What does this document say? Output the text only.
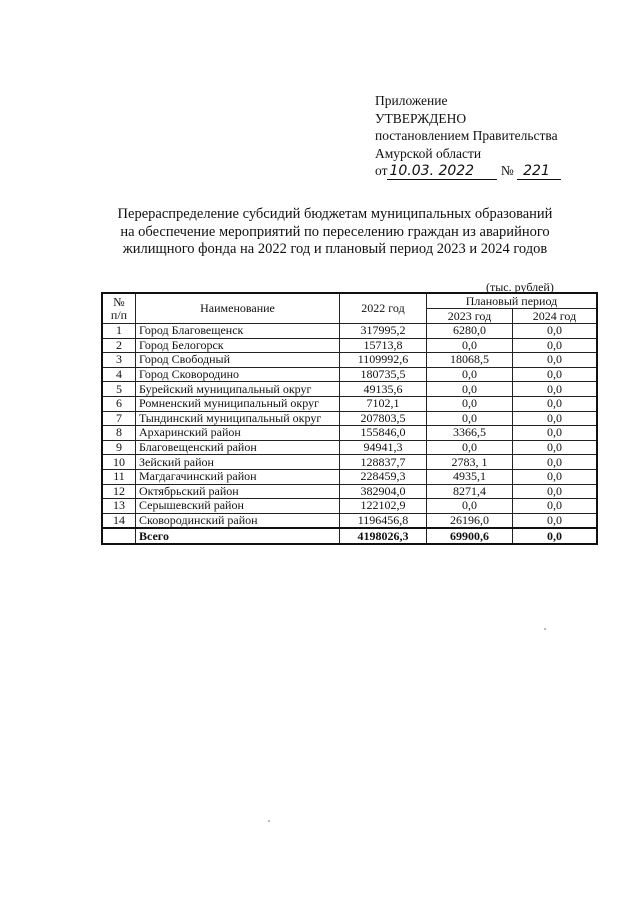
Приложение
УТВЕРЖДЕНО
постановлением Правительства
Амурской области
от 10.03. 2022 № 221
Перераспределение субсидий бюджетам муниципальных образований
на обеспечение мероприятий по переселению граждан из аварийного
жилищного фонда на 2022 год и плановый период 2023 и 2024 годов
(тыс. рублей)
№
п/п	Наименование	2022 год	Плановый период	
			2023 год	2024 год
1	Город Благовещенск	317995,2	6280,0	0,0
2	Город Белогорск	15713,8	0,0	0,0
3	Город Свободный	1109992,6	18068,5	0,0
4	Город Сковородино	180735,5	0,0	0,0
5	Бурейский муниципальный округ	49135,6	0,0	0,0
6	Ромненский муниципальный округ	7102,1	0,0	0,0
7	Тындинский муниципальный округ	207803,5	0,0	0,0
8	Архаринский район	155846,0	3366,5	0,0
9	Благовещенский район	94941,3	0,0	0,0
10	Зейский район	128837,7	2783, 1	0,0
11	Магдагачинский район	228459,3	4935,1	0,0
12	Октябрьский район	382904,0	8271,4	0,0
13	Серышевский район	122102,9	0,0	0,0
14	Сковородинский район	1196456,8	26196,0	0,0
	Всего	4198026,3	69900,6	0,0
